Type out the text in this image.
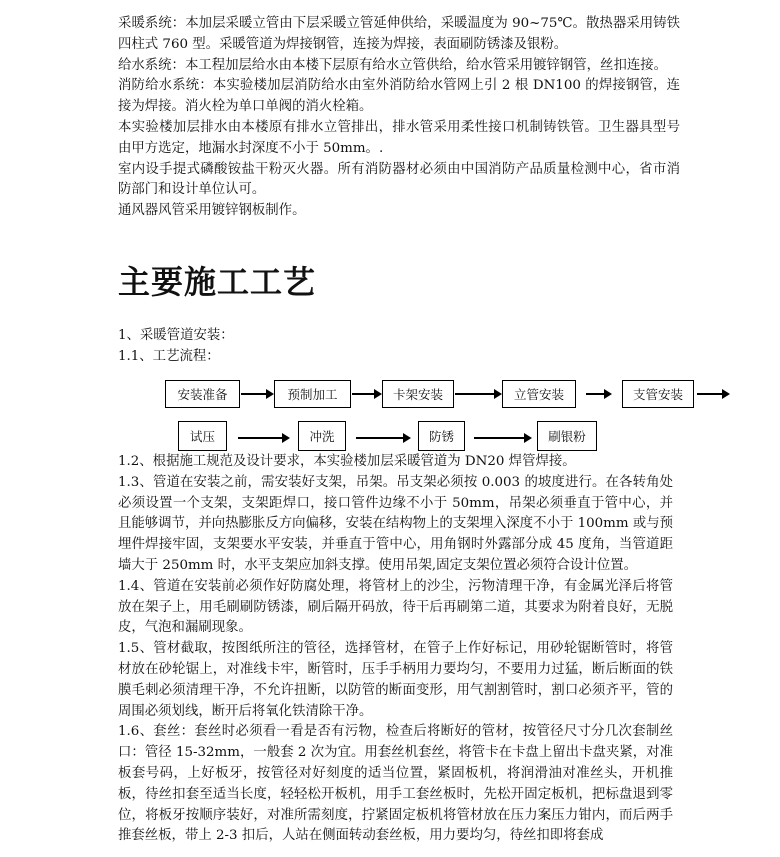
采暖系统：本加层采暖立管由下层采暖立管延伸供给，采暖温度为 90~75℃。散热器采用铸铁四柱式 760 型。采暖管道为焊接钢管，连接为焊接，表面刷防锈漆及银粉。

给水系统：本工程加层给水由本楼下层原有给水立管供给，给水管采用镀锌钢管，丝扣连接。

消防给水系统：本实验楼加层消防给水由室外消防给水管网上引 2 根 DN100 的焊接钢管，连接为焊接。消火栓为单口单阀的消火栓箱。

本实验楼加层排水由本楼原有排水立管排出，排水管采用柔性接口机制铸铁管。卫生器具型号由甲方选定，地漏水封深度不小于 50mm。.

室内设手提式磷酸铵盐干粉灭火器。所有消防器材必须由中国消防产品质量检测中心，省市消防部门和设计单位认可。

通风器风管采用镀锌钢板制作。

主要施工工艺

1、采暖管道安装：

1.1、工艺流程：

安装准备	预制加工	卡架安装	立管安装	支管安装
试压	冲洗	防锈	刷银粉

1.2、根据施工规范及设计要求，本实验楼加层采暖管道为 DN20 焊管焊接。

1.3、管道在安装之前，需安装好支架，吊架。吊支架必须按 0.003 的坡度进行。在各转角处必须设置一个支架，支架距焊口，接口管件边缘不小于 50mm，吊架必须垂直于管中心，并且能够调节，并向热膨胀反方向偏移，安装在结构物上的支架埋入深度不小于 100mm 或与预埋件焊接牢固，支架要水平安装，并垂直于管中心，用角钢时外露部分成 45 度角，当管道距墙大于 250mm 时，水平支架应加斜支撑。使用吊架,固定支架位置必须符合设计位置。

1.4、管道在安装前必须作好防腐处理，将管材上的沙尘，污物清理干净，有金属光泽后将管放在架子上，用毛刷刷防锈漆，刷后隔开码放，待干后再刷第二道，其要求为附着良好，无脱皮，气泡和漏刷现象。

1.5、管材截取，按图纸所注的管径，选择管材，在管子上作好标记，用砂轮锯断管时，将管材放在砂轮锯上，对准线卡牢，断管时，压手手柄用力要均匀，不要用力过猛，断后断面的铁膜毛刺必须清理干净，不允许扭断，以防管的断面变形，用气割割管时，割口必须齐平，管的周围必须划线，断开后将氧化铁清除干净。

1.6、套丝：套丝时必须看一看是否有污物，检查后将断好的管材，按管径尺寸分几次套制丝口：管径 15-32mm，一般套 2 次为宜。用套丝机套丝，将管卡在卡盘上留出卡盘夹紧，对准板套号码，上好板牙，按管径对好刻度的适当位置，紧固板机，将润滑油对准丝头，开机推板，待丝扣套至适当长度，轻轻松开板机，用手工套丝板时，先松开固定板机，把标盘退到零位，将板牙按顺序装好，对准所需刻度，拧紧固定板机将管材放在压力案压力钳内，而后两手推套丝板，带上 2-3 扣后，人站在侧面转动套丝板，用力要均匀，待丝扣即将套成
